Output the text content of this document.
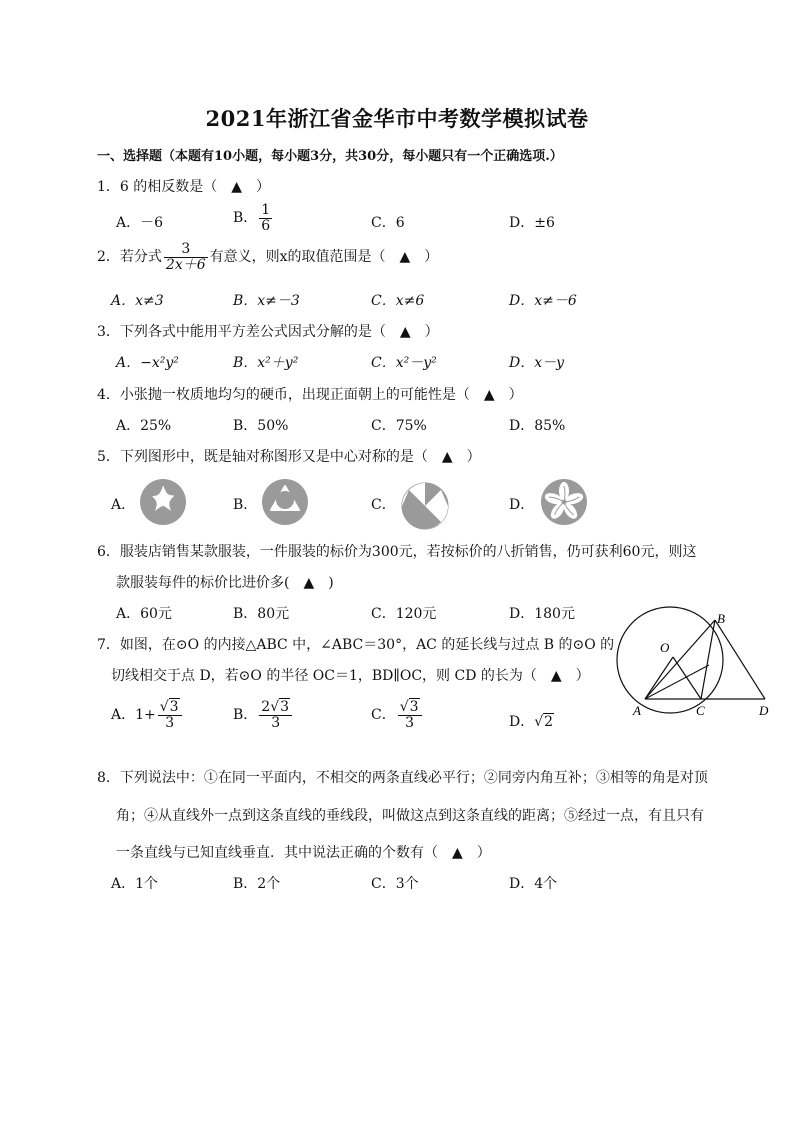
2021年浙江省金华市中考数学模拟试卷
一、选择题（本题有10小题，每小题3分，共30分，每小题只有一个正确选项.）
1．6 的相反数是（　▲　）
A．－6	B． $\frac{1}{6}$	C．6	D．±6
2．若分式 $\frac{3}{2x+6}$ 有意义，则x的取值范围是（　▲　）
A．x≠3	B．x≠－3	C．x≠6	D．x≠－6
3．下列各式中能用平方差公式因式分解的是（　▲　）
A．−x²y²	B．x²＋y²	C．x²－y²	D．x－y
4．小张抛一枚质地均匀的硬币，出现正面朝上的可能性是（　▲　）
A．25%	B．50%	C．75%	D．85%
5．下列图形中，既是轴对称图形又是中心对称的是（　▲　）
A．	B．	C．	D．
6．服装店销售某款服装，一件服装的标价为300元，若按标价的八折销售，仍可获利60元，则这
款服装每件的标价比进价多(　▲　)
A．60元	B．80元	C．120元	D．180元
7．如图，在⊙O 的内接△ABC 中，∠ABC＝30°，AC 的延长线与过点 B 的⊙O 的
切线相交于点 D，若⊙O 的半径 OC＝1，BD∥OC，则 CD 的长为（　▲　）
A．$1+ \frac{√3}{3}$	B． $\frac{2√3}{3}$	C． $\frac{√3}{3}$	D．√2
O
A
B
C	D
8．下列说法中：①在同一平面内，不相交的两条直线必平行；②同旁内角互补；③相等的角是对顶
角；④从直线外一点到这条直线的垂线段，叫做这点到这条直线的距离；⑤经过一点，有且只有
一条直线与已知直线垂直．其中说法正确的个数有（　▲　）
A．1个	B．2个	C．3个	D．4个
